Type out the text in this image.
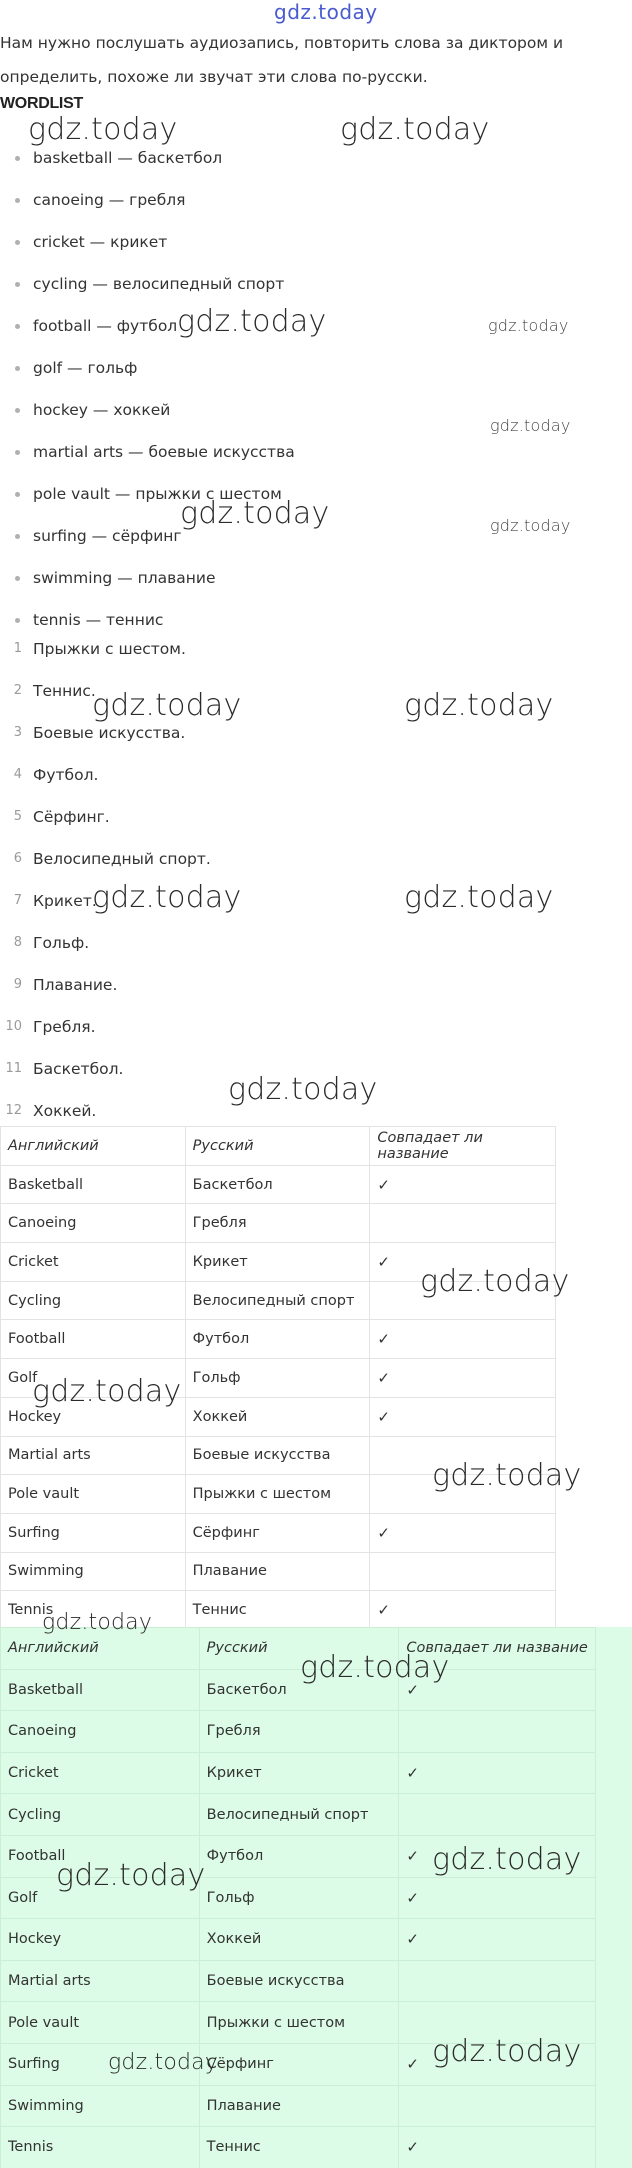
gdz.today

Нам нужно послушать аудиозапись, повторить слова за диктором и определить, похоже ли звучат эти слова по-русски.

WORDLIST
basketball — баскетбол
canoeing — гребля
cricket — крикет
cycling — велосипедный спорт
football — футбол
golf — гольф
hockey — хоккей
martial arts — боевые искусства
pole vault — прыжки с шестом
surfing — сёрфинг
swimming — плавание
tennis — теннис
1 Прыжки с шестом.
2 Теннис.
3 Боевые искусства.
4 Футбол.
5 Сёрфинг.
6 Велосипедный спорт.
7 Крикет.
8 Гольф.
9 Плавание.
10 Гребля.
11 Баскетбол.
12 Хоккей.
Английский	Русский	Совпадает ли название
Basketball	Баскетбол	✓
Canoeing	Гребля	
Cricket	Крикет	✓
Cycling	Велосипедный спорт	
Football	Футбол	✓
Golf	Гольф	✓
Hockey	Хоккей	✓
Martial arts	Боевые искусства	
Pole vault	Прыжки с шестом	
Surfing	Сёрфинг	✓
Swimming	Плавание	
Tennis	Теннис	✓
Английский	Русский	Совпадает ли название
Basketball	Баскетбол	✓
Canoeing	Гребля	
Cricket	Крикет	✓
Cycling	Велосипедный спорт	
Football	Футбол	✓
Golf	Гольф	✓
Hockey	Хоккей	✓
Martial arts	Боевые искусства	
Pole vault	Прыжки с шестом	
Surfing	Сёрфинг	✓
Swimming	Плавание	
Tennis	Теннис	✓
gdz.today	gdz.today
gdz.today	gdz.today
gdz.today
gdz.today	gdz.today
gdz.today	gdz.today
gdz.today	gdz.today
gdz.today
gdz.today
gdz.today
gdz.today
gdz.today
gdz.today
gdz.today
gdz.today
gdz.today
gdz.today
